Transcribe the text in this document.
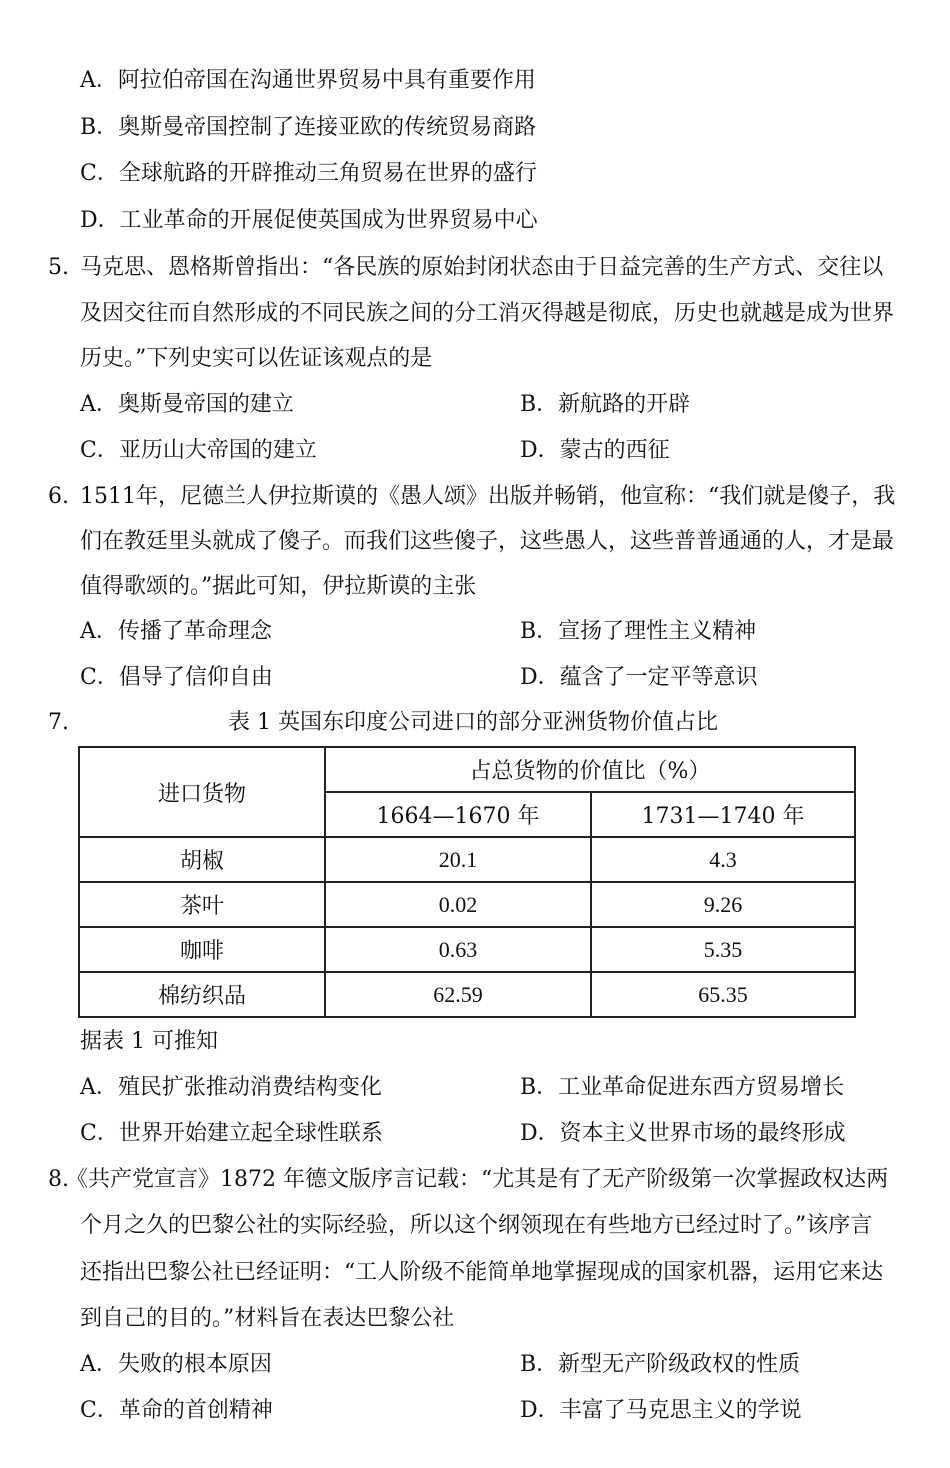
A．阿拉伯帝国在沟通世界贸易中具有重要作用
B．奥斯曼帝国控制了连接亚欧的传统贸易商路
C．全球航路的开辟推动三角贸易在世界的盛行
D．工业革命的开展促使英国成为世界贸易中心
5. 马克思、恩格斯曾指出：“各民族的原始封闭状态由于日益完善的生产方式、交往以
及因交往而自然形成的不同民族之间的分工消灭得越是彻底，历史也就越是成为世界
历史。”下列史实可以佐证该观点的是
A．奥斯曼帝国的建立	B．新航路的开辟
C．亚历山大帝国的建立	D．蒙古的西征
6. 1511年，尼德兰人伊拉斯谟的《愚人颂》出版并畅销，他宣称：“我们就是傻子，我
们在教廷里头就成了傻子。而我们这些傻子，这些愚人，这些普普通通的人，才是最
值得歌颂的。”据此可知，伊拉斯谟的主张
A．传播了革命理念	B．宣扬了理性主义精神
C．倡导了信仰自由	D．蕴含了一定平等意识
7.	表 1 英国东印度公司进口的部分亚洲货物价值占比
进口货物	占总货物的价值比（%）	
	1664—1670 年	1731—1740 年
胡椒	20.1	4.3
茶叶	0.02	9.26
咖啡	0.63	5.35
棉纺织品	62.59	65.35
据表 1 可推知
A．殖民扩张推动消费结构变化	B．工业革命促进东西方贸易增长
C．世界开始建立起全球性联系	D．资本主义世界市场的最终形成
8.
《共产党宣言》1872 年德文版序言记载：“尤其是有了无产阶级第一次掌握政权达两
个月之久的巴黎公社的实际经验，所以这个纲领现在有些地方已经过时了。”该序言
还指出巴黎公社已经证明：“工人阶级不能简单地掌握现成的国家机器，运用它来达
到自己的目的。”材料旨在表达巴黎公社
A．失败的根本原因	B．新型无产阶级政权的性质
C．革命的首创精神	D．丰富了马克思主义的学说
